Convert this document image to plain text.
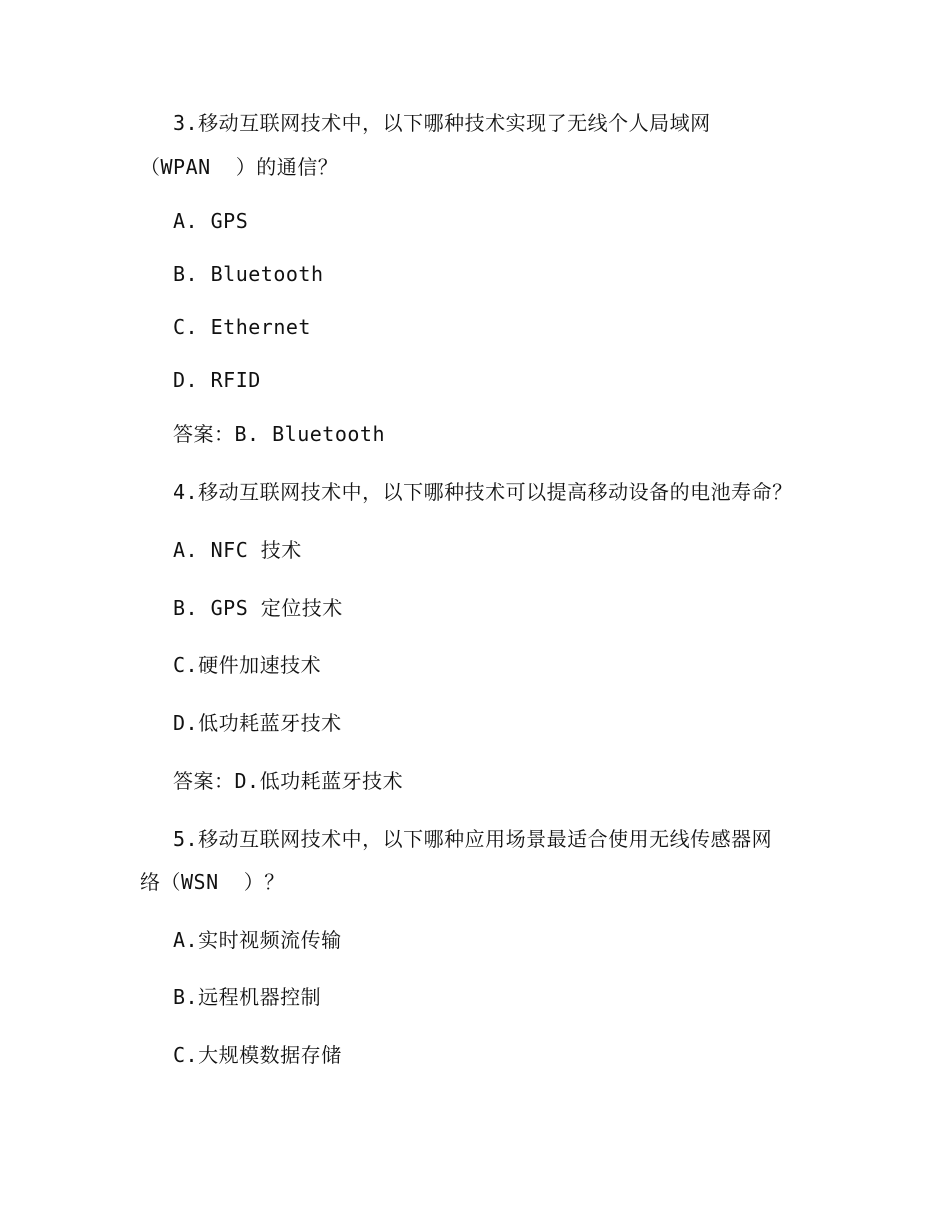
3.移动互联网技术中，以下哪种技术实现了无线个人局域网
（WPAN  ）的通信？
A. GPS
B. Bluetooth
C. Ethernet
D. RFID
答案：B. Bluetooth
4.移动互联网技术中，以下哪种技术可以提高移动设备的电池寿命？
A. NFC 技术
B. GPS 定位技术
C.硬件加速技术
D.低功耗蓝牙技术
答案：D.低功耗蓝牙技术
5.移动互联网技术中，以下哪种应用场景最适合使用无线传感器网
络（WSN  ）？
A.实时视频流传输
B.远程机器控制
C.大规模数据存储
